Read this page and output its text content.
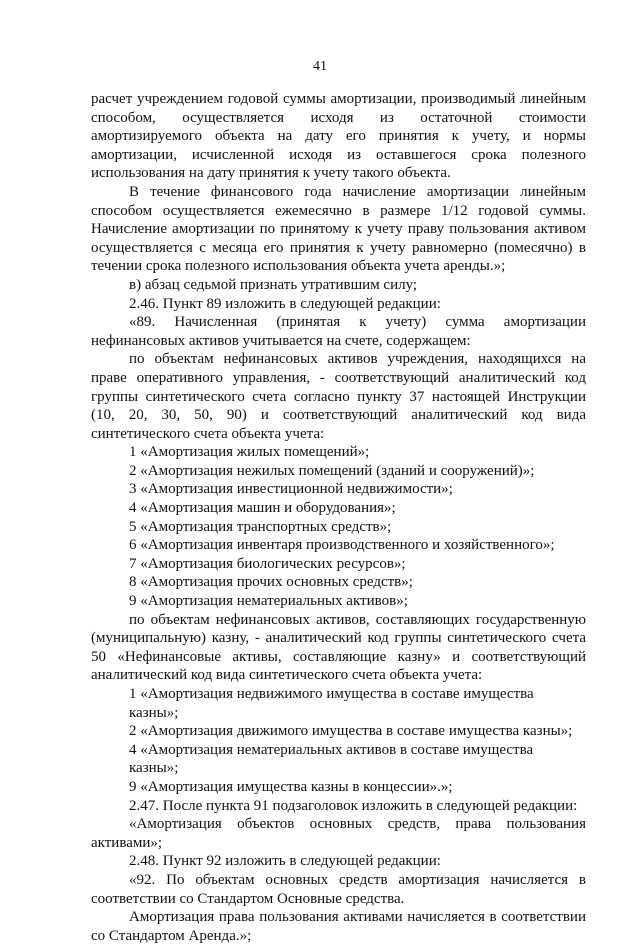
41

расчет учреждением годовой суммы амортизации, производимый линейным способом, осуществляется исходя из остаточной стоимости амортизируемого объекта на дату его принятия к учету, и нормы амортизации, исчисленной исходя из оставшегося срока полезного использования на дату принятия к учету такого объекта.

В течение финансового года начисление амортизации линейным способом осуществляется ежемесячно в размере 1/12 годовой суммы. Начисление амортизации по принятому к учету праву пользования активом осуществляется с месяца его принятия к учету равномерно (помесячно) в течении срока полезного использования объекта учета аренды.»;

в) абзац седьмой признать утратившим силу;

2.46. Пункт 89 изложить в следующей редакции:

«89. Начисленная (принятая к учету) сумма амортизации нефинансовых активов учитывается на счете, содержащем:

по объектам нефинансовых активов учреждения, находящихся на праве оперативного управления, - соответствующий аналитический код группы синтетического счета согласно пункту 37 настоящей Инструкции (10, 20, 30, 50, 90) и соответствующий аналитический код вида синтетического счета объекта учета:

1 «Амортизация жилых помещений»;

2 «Амортизация нежилых помещений (зданий и сооружений)»;

3 «Амортизация инвестиционной недвижимости»;

4 «Амортизация машин и оборудования»;

5 «Амортизация транспортных средств»;

6 «Амортизация инвентаря производственного и хозяйственного»;

7 «Амортизация биологических ресурсов»;

8 «Амортизация прочих основных средств»;

9 «Амортизация нематериальных активов»;

по объектам нефинансовых активов, составляющих государственную (муниципальную) казну, - аналитический код группы синтетического счета 50 «Нефинансовые активы, составляющие казну» и соответствующий аналитический код вида синтетического счета объекта учета:

1 «Амортизация недвижимого имущества в составе имущества казны»;

2 «Амортизация движимого имущества в составе имущества казны»;

4 «Амортизация нематериальных активов в составе имущества казны»;

9 «Амортизация имущества казны в концессии».»;

2.47. После пункта 91 подзаголовок изложить в следующей редакции:

«Амортизация объектов основных средств, права пользования активами»;

2.48. Пункт 92 изложить в следующей редакции:

«92. По объектам основных средств амортизация начисляется в соответствии со Стандартом Основные средства.

Амортизация права пользования активами начисляется в соответствии со Стандартом Аренда.»;
